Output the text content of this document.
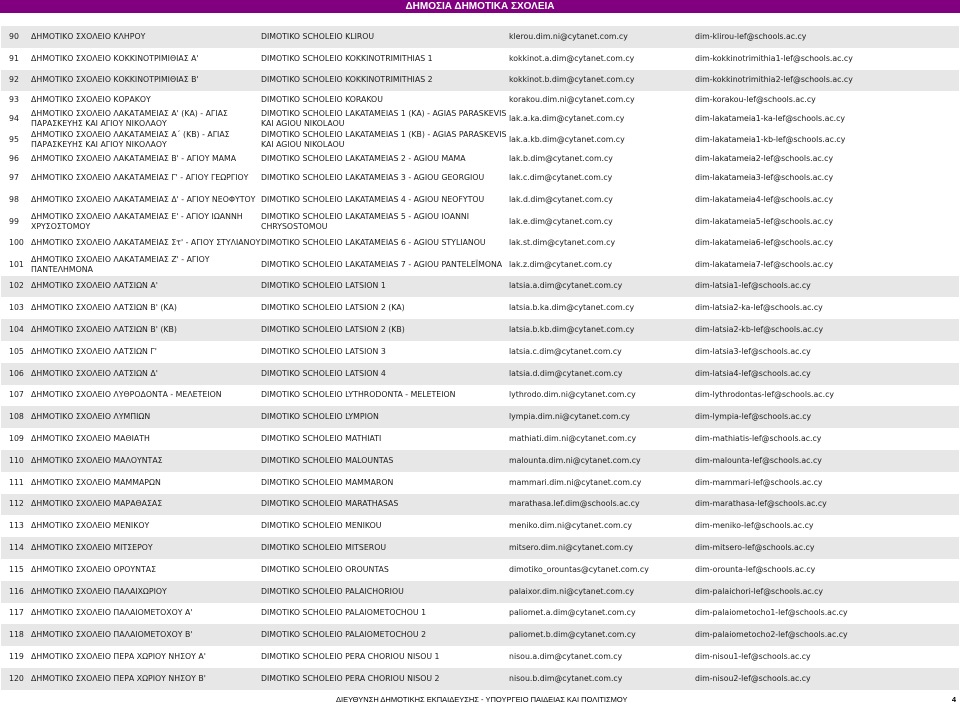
ΔΗΜΟΣΙΑ ΔΗΜΟΤΙΚΑ ΣΧΟΛΕΙΑ
90	ΔΗΜΟΤΙΚΟ ΣΧΟΛΕΙΟ ΚΛΗΡΟΥ	DIMOTIKO SCHOLEIO KLIROU	klerou.dim.ni@cytanet.com.cy	dim-klirou-lef@schools.ac.cy
91	ΔΗΜΟΤΙΚΟ ΣΧΟΛΕΙΟ ΚΟΚΚΙΝΟΤΡΙΜΙΘΙΑΣ Α'	DIMOTIKO SCHOLEIO KOKKINOTRIMITHIAS 1	kokkinot.a.dim@cytanet.com.cy	dim-kokkinotrimithia1-lef@schools.ac.cy
92	ΔΗΜΟΤΙΚΟ ΣΧΟΛΕΙΟ ΚΟΚΚΙΝΟΤΡΙΜΙΘΙΑΣ Β'	DIMOTIKO SCHOLEIO KOKKINOTRIMITHIAS 2	kokkinot.b.dim@cytanet.com.cy	dim-kokkinotrimithia2-lef@schools.ac.cy
93	ΔΗΜΟΤΙΚΟ ΣΧΟΛΕΙΟ ΚΟΡΑΚΟΥ	DIMOTIKO SCHOLEIO KORAKOU	korakou.dim.ni@cytanet.com.cy	dim-korakou-lef@schools.ac.cy
94	ΔΗΜΟΤΙΚΟ ΣΧΟΛΕΙΟ ΛΑΚΑΤΑΜΕΙΑΣ Α' (ΚΑ) - ΑΓΙΑΣ ΠΑΡΑΣΚΕΥΗΣ ΚΑΙ ΑΓΙΟΥ ΝΙΚΟΛΑΟΥ	DIMOTIKO SCHOLEIO LAKATAMEIAS 1 (KA) - AGIAS PARASKEVIS KAI AGIOU NIKOLAOU	lak.a.ka.dim@cytanet.com.cy	dim-lakatameia1-ka-lef@schools.ac.cy
95	ΔΗΜΟΤΙΚΟ ΣΧΟΛΕΙΟ ΛΑΚΑΤΑΜΕΙΑΣ Α΄ (ΚΒ) - ΑΓΙΑΣ ΠΑΡΑΣΚΕΥΗΣ ΚΑΙ ΑΓΙΟΥ ΝΙΚΟΛΑΟΥ	DIMOTIKO SCHOLEIO LAKATAMEIAS 1 (KB) - AGIAS PARASKEVIS KAI AGIOU NIKOLAOU	lak.a.kb.dim@cytanet.com.cy	dim-lakatameia1-kb-lef@schools.ac.cy
96	ΔΗΜΟΤΙΚΟ ΣΧΟΛΕΙΟ ΛΑΚΑΤΑΜΕΙΑΣ Β' - ΑΓΙΟΥ ΜΑΜΑ	DIMOTIKO SCHOLEIO LAKATAMEIAS 2 - AGIOU MAMA	lak.b.dim@cytanet.com.cy	dim-lakatameia2-lef@schools.ac.cy
97	ΔΗΜΟΤΙΚΟ ΣΧΟΛΕΙΟ ΛΑΚΑΤΑΜΕΙΑΣ Γ' - ΑΓΙΟΥ ΓΕΩΡΓΙΟΥ	DIMOTIKO SCHOLEIO LAKATAMEIAS 3 - AGIOU GEORGIOU	lak.c.dim@cytanet.com.cy	dim-lakatameia3-lef@schools.ac.cy
98	ΔΗΜΟΤΙΚΟ ΣΧΟΛΕΙΟ ΛΑΚΑΤΑΜΕΙΑΣ Δ' - ΑΓΙΟΥ ΝΕΟΦΥΤΟΥ	DIMOTIKO SCHOLEIO LAKATAMEIAS 4 - AGIOU NEOFYTOU	lak.d.dim@cytanet.com.cy	dim-lakatameia4-lef@schools.ac.cy
99	ΔΗΜΟΤΙΚΟ ΣΧΟΛΕΙΟ ΛΑΚΑΤΑΜΕΙΑΣ Ε' - ΑΓΙΟΥ ΙΩΑΝΝΗ ΧΡΥΣΟΣΤΟΜΟΥ	DIMOTIKO SCHOLEIO LAKATAMEIAS 5 - AGIOU IOANNI CHRYSOSTOMOU	lak.e.dim@cytanet.com.cy	dim-lakatameia5-lef@schools.ac.cy
100	ΔΗΜΟΤΙΚΟ ΣΧΟΛΕΙΟ ΛΑΚΑΤΑΜΕΙΑΣ Στ' - ΑΓΙΟΥ ΣΤΥΛΙΑΝΟΥ	DIMOTIKO SCHOLEIO LAKATAMEIAS 6 - AGIOU STYLIANOU	lak.st.dim@cytanet.com.cy	dim-lakatameia6-lef@schools.ac.cy
101	ΔΗΜΟΤΙΚΟ ΣΧΟΛΕΙΟ ΛΑΚΑΤΑΜΕΙΑΣ Ζ' - ΑΓΙΟΥ ΠΑΝΤΕΛΗΜΟΝΑ	DIMOTIKO SCHOLEIO LAKATAMEIAS 7 - AGIOU PANTELEÏMONA	lak.z.dim@cytanet.com.cy	dim-lakatameia7-lef@schools.ac.cy
102	ΔΗΜΟΤΙΚΟ ΣΧΟΛΕΙΟ ΛΑΤΣΙΩΝ Α'	DIMOTIKO SCHOLEIO LATSION 1	latsia.a.dim@cytanet.com.cy	dim-latsia1-lef@schools.ac.cy
103	ΔΗΜΟΤΙΚΟ ΣΧΟΛΕΙΟ ΛΑΤΣΙΩΝ Β' (ΚΑ)	DIMOTIKO SCHOLEIO LATSION 2 (KA)	latsia.b.ka.dim@cytanet.com.cy	dim-latsia2-ka-lef@schools.ac.cy
104	ΔΗΜΟΤΙΚΟ ΣΧΟΛΕΙΟ ΛΑΤΣΙΩΝ Β' (ΚΒ)	DIMOTIKO SCHOLEIO LATSION 2 (KB)	latsia.b.kb.dim@cytanet.com.cy	dim-latsia2-kb-lef@schools.ac.cy
105	ΔΗΜΟΤΙΚΟ ΣΧΟΛΕΙΟ ΛΑΤΣΙΩΝ Γ'	DIMOTIKO SCHOLEIO LATSION 3	latsia.c.dim@cytanet.com.cy	dim-latsia3-lef@schools.ac.cy
106	ΔΗΜΟΤΙΚΟ ΣΧΟΛΕΙΟ ΛΑΤΣΙΩΝ Δ'	DIMOTIKO SCHOLEIO LATSION 4	latsia.d.dim@cytanet.com.cy	dim-latsia4-lef@schools.ac.cy
107	ΔΗΜΟΤΙΚΟ ΣΧΟΛΕΙΟ ΛΥΘΡΟΔΟΝΤΑ - ΜΕΛΕΤΕΙΟΝ	DIMOTIKO SCHOLEIO LYTHRODONTA - MELETEION	lythrodo.dim.ni@cytanet.com.cy	dim-lythrodontas-lef@schools.ac.cy
108	ΔΗΜΟΤΙΚΟ ΣΧΟΛΕΙΟ ΛΥΜΠΙΩΝ	DIMOTIKO SCHOLEIO LYMPION	lympia.dim.ni@cytanet.com.cy	dim-lympia-lef@schools.ac.cy
109	ΔΗΜΟΤΙΚΟ ΣΧΟΛΕΙΟ ΜΑΘΙΑΤΗ	DIMOTIKO SCHOLEIO MATHIATI	mathiati.dim.ni@cytanet.com.cy	dim-mathiatis-lef@schools.ac.cy
110	ΔΗΜΟΤΙΚΟ ΣΧΟΛΕΙΟ ΜΑΛΟΥΝΤΑΣ	DIMOTIKO SCHOLEIO MALOUNTAS	malounta.dim.ni@cytanet.com.cy	dim-malounta-lef@schools.ac.cy
111	ΔΗΜΟΤΙΚΟ ΣΧΟΛΕΙΟ ΜΑΜΜΑΡΩΝ	DIMOTIKO SCHOLEIO MAMMARON	mammari.dim.ni@cytanet.com.cy	dim-mammari-lef@schools.ac.cy
112	ΔΗΜΟΤΙΚΟ ΣΧΟΛΕΙΟ ΜΑΡΑΘΑΣΑΣ	DIMOTIKO SCHOLEIO MARATHASAS	marathasa.lef.dim@schools.ac.cy	dim-marathasa-lef@schools.ac.cy
113	ΔΗΜΟΤΙΚΟ ΣΧΟΛΕΙΟ ΜΕΝΙΚΟΥ	DIMOTIKO SCHOLEIO MENIKOU	meniko.dim.ni@cytanet.com.cy	dim-meniko-lef@schools.ac.cy
114	ΔΗΜΟΤΙΚΟ ΣΧΟΛΕΙΟ ΜΙΤΣΕΡΟΥ	DIMOTIKO SCHOLEIO MITSEROU	mitsero.dim.ni@cytanet.com.cy	dim-mitsero-lef@schools.ac.cy
115	ΔΗΜΟΤΙΚΟ ΣΧΟΛΕΙΟ ΟΡΟΥΝΤΑΣ	DIMOTIKO SCHOLEIO OROUNTAS	dimotiko_orountas@cytanet.com.cy	dim-orounta-lef@schools.ac.cy
116	ΔΗΜΟΤΙΚΟ ΣΧΟΛΕΙΟ ΠΑΛΑΙΧΩΡΙΟΥ	DIMOTIKO SCHOLEIO PALAICHORIOU	palaixor.dim.ni@cytanet.com.cy	dim-palaichori-lef@schools.ac.cy
117	ΔΗΜΟΤΙΚΟ ΣΧΟΛΕΙΟ ΠΑΛΑΙΟΜΕΤΟΧΟΥ Α'	DIMOTIKO SCHOLEIO PALAIOMETOCHOU 1	paliomet.a.dim@cytanet.com.cy	dim-palaiometocho1-lef@schools.ac.cy
118	ΔΗΜΟΤΙΚΟ ΣΧΟΛΕΙΟ ΠΑΛΑΙΟΜΕΤΟΧΟΥ Β'	DIMOTIKO SCHOLEIO PALAIOMETOCHOU 2	paliomet.b.dim@cytanet.com.cy	dim-palaiometocho2-lef@schools.ac.cy
119	ΔΗΜΟΤΙΚΟ ΣΧΟΛΕΙΟ ΠΕΡΑ ΧΩΡΙΟΥ ΝΗΣΟΥ Α'	DIMOTIKO SCHOLEIO PERA CHORIOU NISOU 1	nisou.a.dim@cytanet.com.cy	dim-nisou1-lef@schools.ac.cy
120	ΔΗΜΟΤΙΚΟ ΣΧΟΛΕΙΟ ΠΕΡΑ ΧΩΡΙΟΥ ΝΗΣΟΥ Β'	DIMOTIKO SCHOLEIO PERA CHORIOU NISOU 2	nisou.b.dim@cytanet.com.cy	dim-nisou2-lef@schools.ac.cy
ΔΙΕΥΘΥΝΣΗ ΔΗΜΟΤΙΚΗΣ ΕΚΠΑΙΔΕΥΣΗΣ - ΥΠΟΥΡΓΕΙΟ ΠΑΙΔΕΙΑΣ ΚΑΙ ΠΟΛΙΤΙΣΜΟΥ	4
